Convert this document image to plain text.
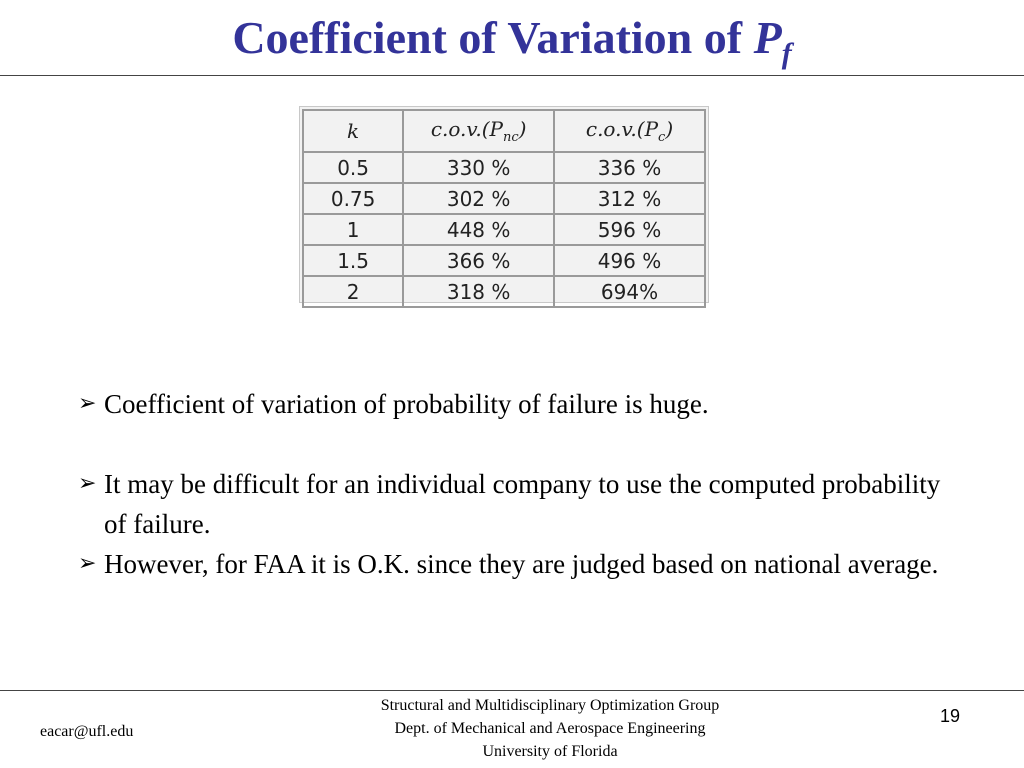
Coefficient of Variation of $P_f$
k	$c.o.v.(P_{nc})$	$c.o.v.(P_c)$
0.5	330 %	336 %
0.75	302 %	312 %
1	448 %	596 %
1.5	366 %	496 %
2	318 %	694%
➢ Coefficient of variation of probability of failure is huge.
➢ It may be difficult for an individual company to use the computed probability of failure.
➢ However, for FAA it is O.K. since they are judged based on national average.
eacar@ufl.edu
Structural and Multidisciplinary Optimization Group
Dept. of Mechanical and Aerospace Engineering
University of Florida
19
